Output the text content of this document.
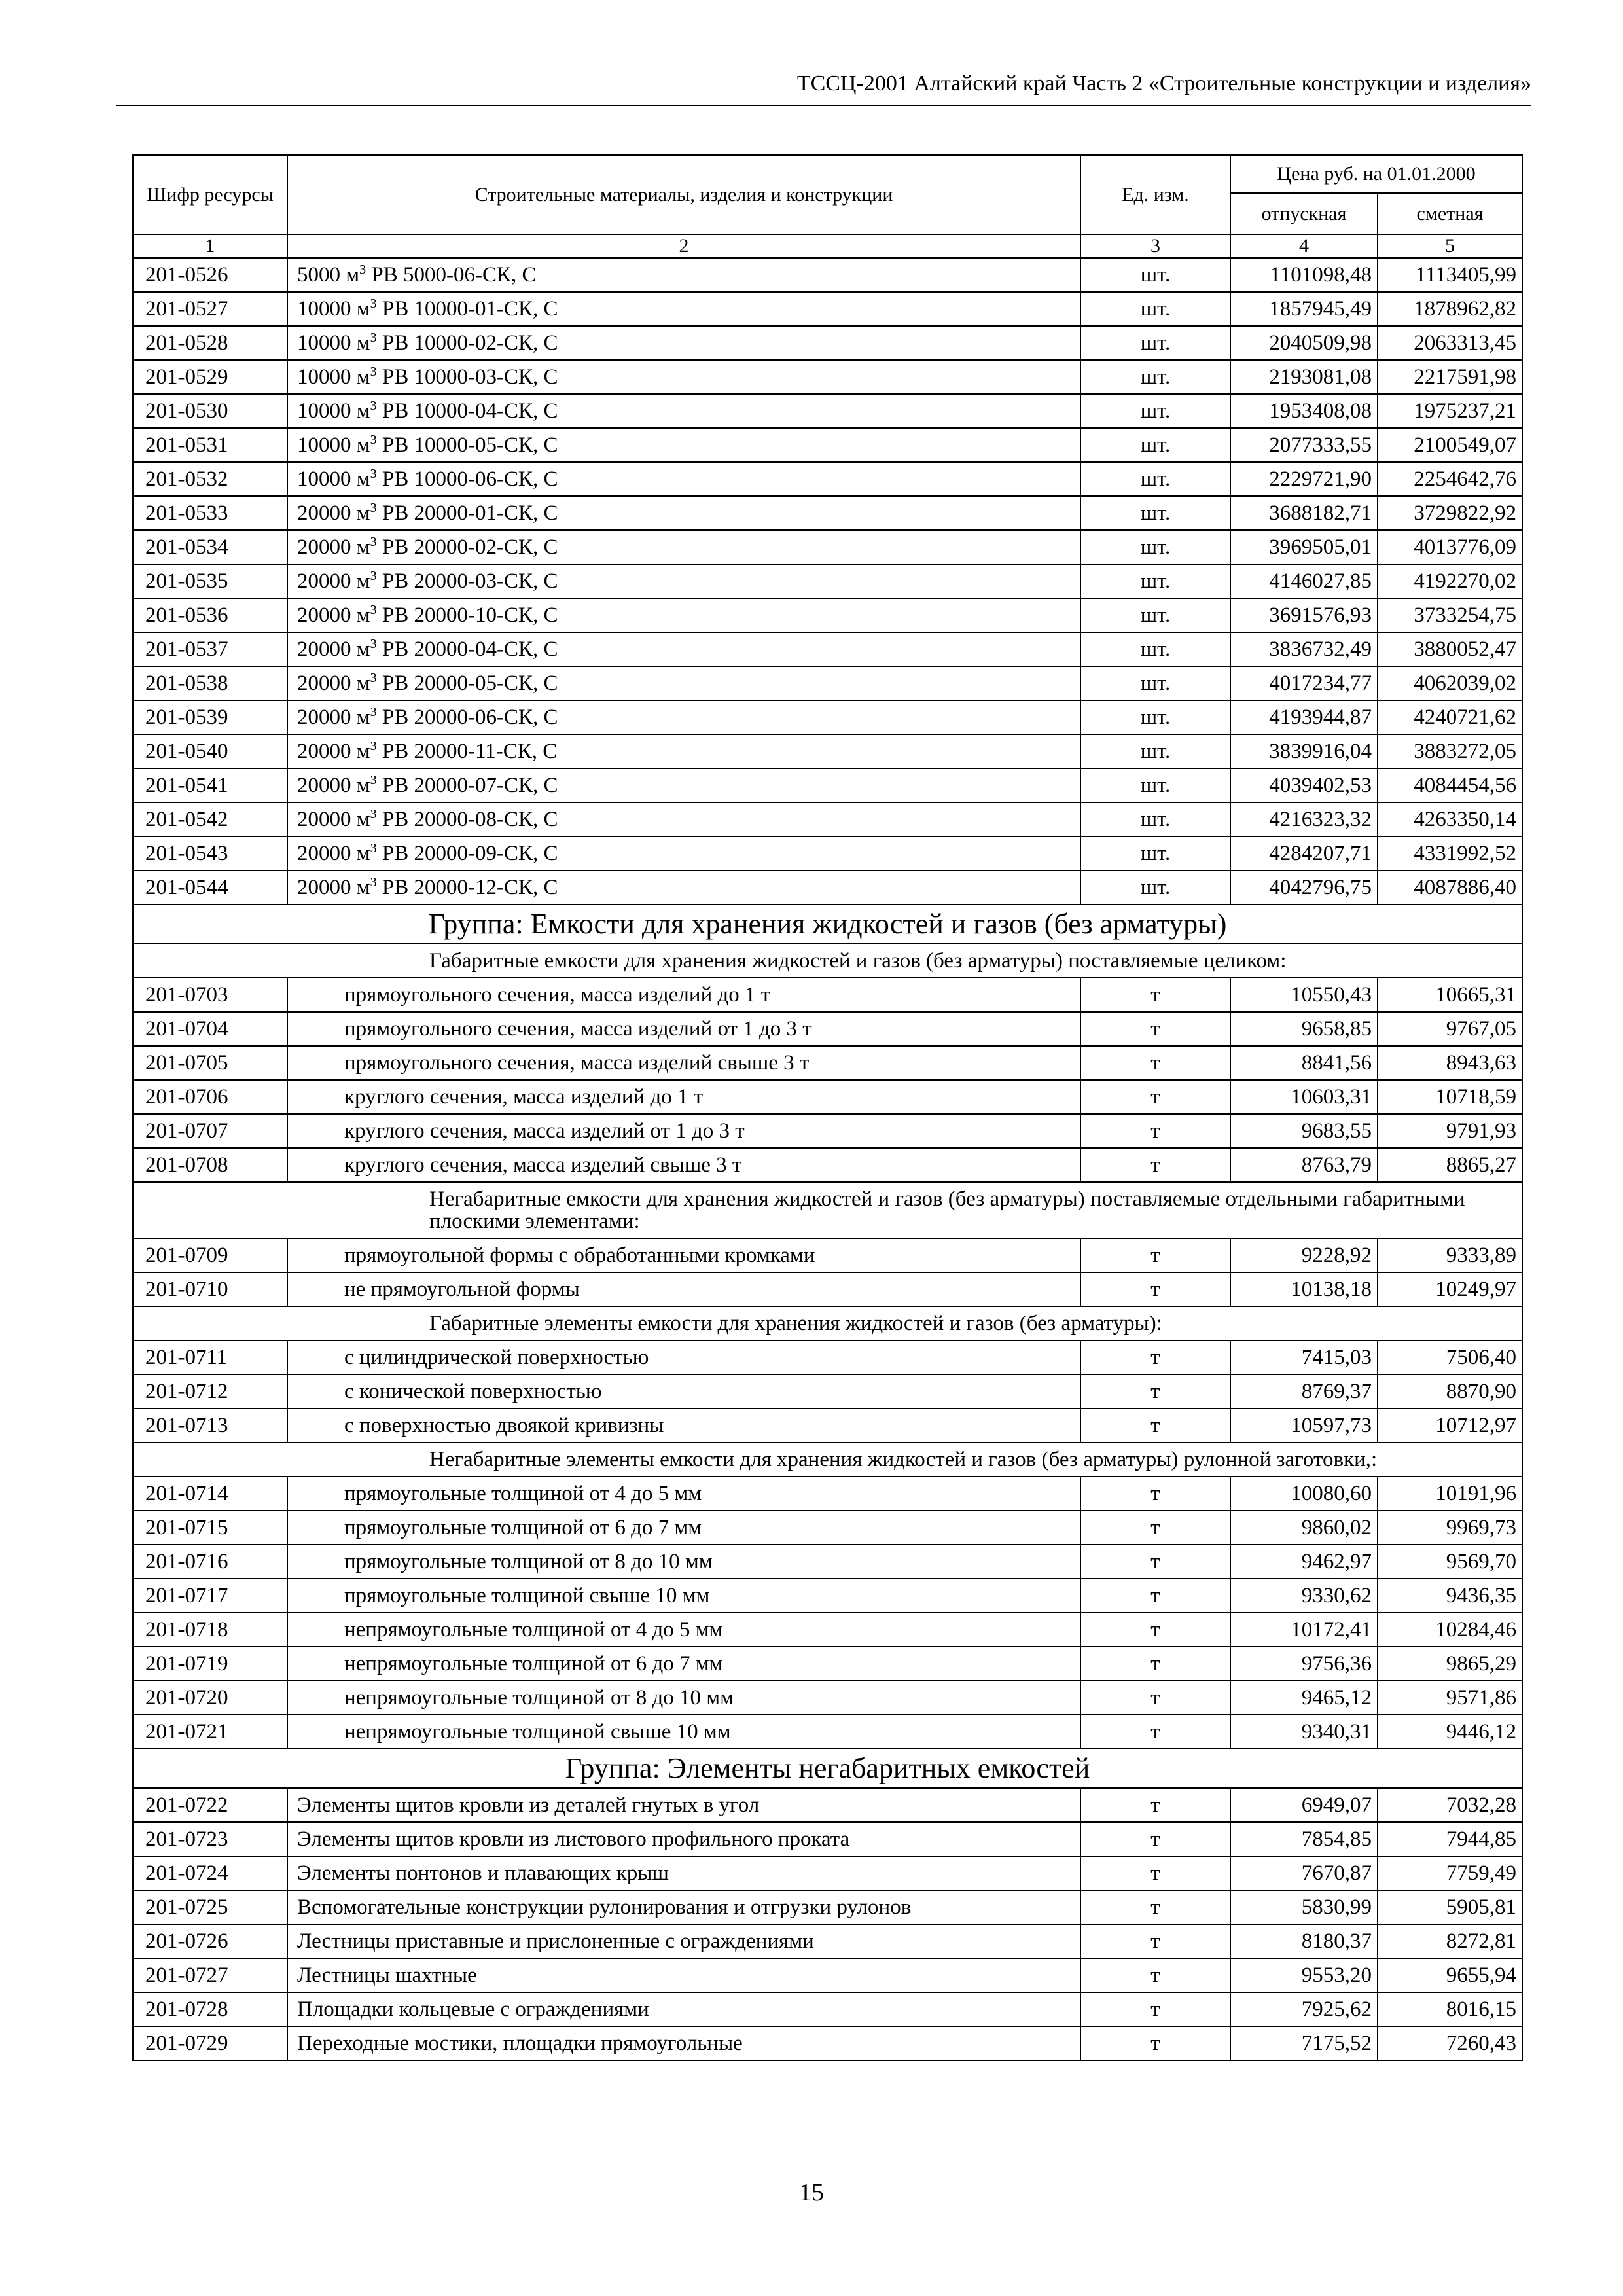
ТССЦ-2001 Алтайский край Часть 2 «Строительные конструкции и изделия»
Шифр ресурсы	Строительные материалы, изделия и конструкции	Ед. изм.	Цена руб. на 01.01.2000	
			отпускная	сметная
1	2	3	4	5
201-0526	5000 $м^3$ РВ 5000-06-СК, С	шт.	1101098,48	1113405,99
201-0527	10000 $м^3$ РВ 10000-01-СК, С	шт.	1857945,49	1878962,82
201-0528	10000 $м^3$ РВ 10000-02-СК, С	шт.	2040509,98	2063313,45
201-0529	10000 $м^3$ РВ 10000-03-СК, С	шт.	2193081,08	2217591,98
201-0530	10000 $м^3$ РВ 10000-04-СК, С	шт.	1953408,08	1975237,21
201-0531	10000 $м^3$ РВ 10000-05-СК, С	шт.	2077333,55	2100549,07
201-0532	10000 $м^3$ РВ 10000-06-СК, С	шт.	2229721,90	2254642,76
201-0533	20000 $м^3$ РВ 20000-01-СК, С	шт.	3688182,71	3729822,92
201-0534	20000 $м^3$ РВ 20000-02-СК, С	шт.	3969505,01	4013776,09
201-0535	20000 $м^3$ РВ 20000-03-СК, С	шт.	4146027,85	4192270,02
201-0536	20000 $м^3$ РВ 20000-10-СК, С	шт.	3691576,93	3733254,75
201-0537	20000 $м^3$ РВ 20000-04-СК, С	шт.	3836732,49	3880052,47
201-0538	20000 $м^3$ РВ 20000-05-СК, С	шт.	4017234,77	4062039,02
201-0539	20000 $м^3$ РВ 20000-06-СК, С	шт.	4193944,87	4240721,62
201-0540	20000 $м^3$ РВ 20000-11-СК, С	шт.	3839916,04	3883272,05
201-0541	20000 $м^3$ РВ 20000-07-СК, С	шт.	4039402,53	4084454,56
201-0542	20000 $м^3$ РВ 20000-08-СК, С	шт.	4216323,32	4263350,14
201-0543	20000 $м^3$ РВ 20000-09-СК, С	шт.	4284207,71	4331992,52
201-0544	20000 $м^3$ РВ 20000-12-СК, С	шт.	4042796,75	4087886,40
Группа: Емкости для хранения жидкостей и газов (без арматуры)				
Габаритные емкости для хранения жидкостей и газов (без арматуры) поставляемые целиком:				
201-0703	прямоугольного сечения, масса изделий до 1 т	т	10550,43	10665,31
201-0704	прямоугольного сечения, масса изделий от 1 до 3 т	т	9658,85	9767,05
201-0705	прямоугольного сечения, масса изделий свыше 3 т	т	8841,56	8943,63
201-0706	круглого сечения, масса изделий до 1 т	т	10603,31	10718,59
201-0707	круглого сечения, масса изделий от 1 до 3 т	т	9683,55	9791,93
201-0708	круглого сечения, масса изделий свыше 3 т	т	8763,79	8865,27
Негабаритные емкости для хранения жидкостей и газов (без арматуры) поставляемые отдельными габаритными плоскими элементами:				
201-0709	прямоугольной формы с обработанными кромками	т	9228,92	9333,89
201-0710	не прямоугольной формы	т	10138,18	10249,97
Габаритные элементы емкости для хранения жидкостей и газов (без арматуры):				
201-0711	с цилиндрической поверхностью	т	7415,03	7506,40
201-0712	с конической поверхностью	т	8769,37	8870,90
201-0713	с поверхностью двоякой кривизны	т	10597,73	10712,97
Негабаритные элементы емкости для хранения жидкостей и газов (без арматуры) рулонной заготовки,:				
201-0714	прямоугольные толщиной от 4 до 5 мм	т	10080,60	10191,96
201-0715	прямоугольные толщиной от 6 до 7 мм	т	9860,02	9969,73
201-0716	прямоугольные толщиной от 8 до 10 мм	т	9462,97	9569,70
201-0717	прямоугольные толщиной свыше 10 мм	т	9330,62	9436,35
201-0718	непрямоугольные толщиной от 4 до 5 мм	т	10172,41	10284,46
201-0719	непрямоугольные толщиной от 6 до 7 мм	т	9756,36	9865,29
201-0720	непрямоугольные толщиной от 8 до 10 мм	т	9465,12	9571,86
201-0721	непрямоугольные толщиной свыше 10 мм	т	9340,31	9446,12
Группа: Элементы негабаритных емкостей				
201-0722	Элементы щитов кровли из деталей гнутых в угол	т	6949,07	7032,28
201-0723	Элементы щитов кровли из листового профильного проката	т	7854,85	7944,85
201-0724	Элементы понтонов и плавающих крыш	т	7670,87	7759,49
201-0725	Вспомогательные конструкции рулонирования и отгрузки рулонов	т	5830,99	5905,81
201-0726	Лестницы приставные и прислоненные с ограждениями	т	8180,37	8272,81
201-0727	Лестницы шахтные	т	9553,20	9655,94
201-0728	Площадки кольцевые с ограждениями	т	7925,62	8016,15
201-0729	Переходные мостики, площадки прямоугольные	т	7175,52	7260,43
15
